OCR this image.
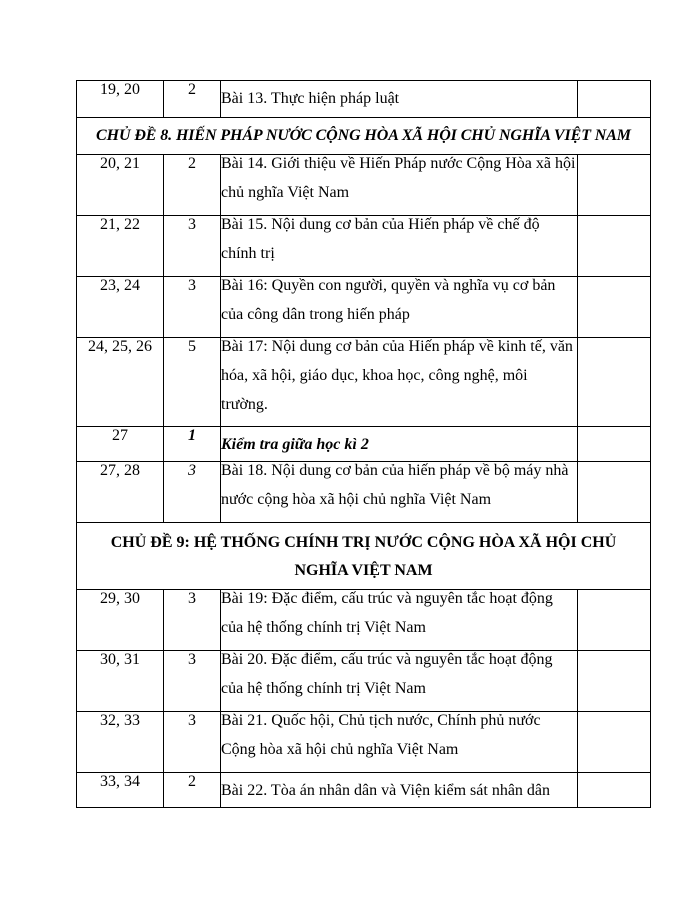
19, 20	2	Bài 13. Thực hiện pháp luật	

CHỦ ĐỀ 8. HIẾN PHÁP NƯỚC CỘNG HÒA XÃ HỘI CHỦ NGHĨA VIỆT NAM			

20, 21	2	Bài 14. Giới thiệu về Hiến Pháp nước Cộng Hòa xã hội chủ nghĩa Việt Nam	

21, 22	3	Bài 15. Nội dung cơ bản của Hiến pháp về chế độ chính trị	

23, 24	3	Bài 16: Quyền con người, quyền và nghĩa vụ cơ bản của công dân trong hiến pháp	

24, 25, 26	5	Bài 17: Nội dung cơ bản của Hiến pháp về kinh tế, văn hóa, xã hội, giáo dục, khoa học, công nghệ, môi trường.	

27	1	Kiểm tra giữa học kì 2	

27, 28	3	Bài 18. Nội dung cơ bản của hiến pháp về bộ máy nhà nước cộng hòa xã hội chủ nghĩa Việt Nam	

CHỦ ĐỀ 9: HỆ THỐNG CHÍNH TRỊ NƯỚC CỘNG HÒA XÃ HỘI CHỦ NGHĨA VIỆT NAM			

29, 30	3	Bài 19: Đặc điểm, cấu trúc và nguyên tắc hoạt động của hệ thống chính trị Việt Nam	

30, 31	3	Bài 20. Đặc điểm, cấu trúc và nguyên tắc hoạt động của hệ thống chính trị Việt Nam	

32, 33	3	Bài 21. Quốc hội, Chủ tịch nước, Chính phủ nước Cộng hòa xã hội chủ nghĩa Việt Nam	

33, 34	2	Bài 22. Tòa án nhân dân và Viện kiểm sát nhân dân	
